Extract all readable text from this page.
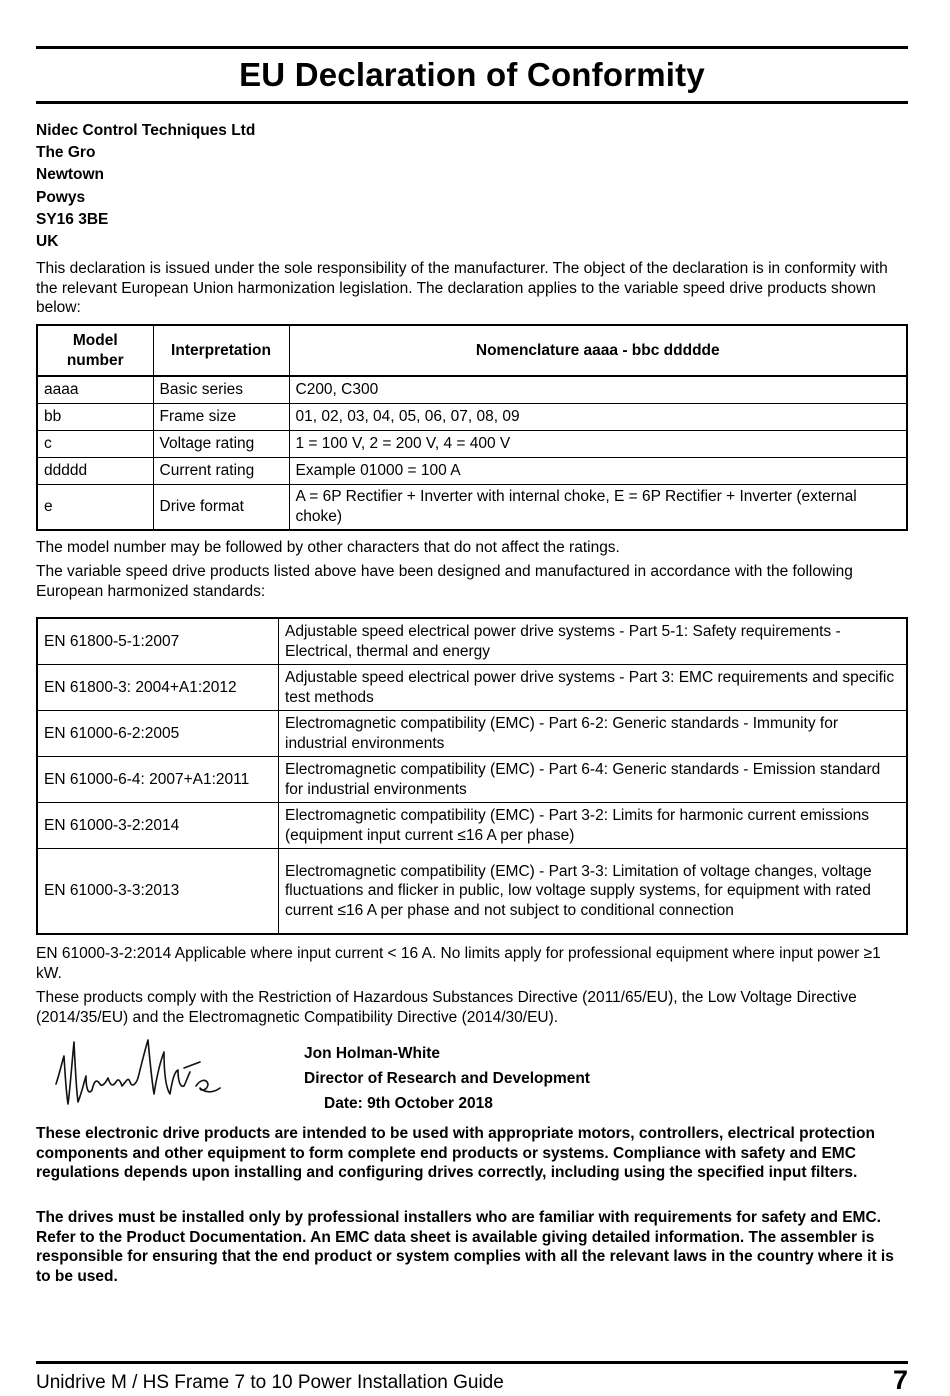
EU Declaration of Conformity
Nidec Control Techniques Ltd
The Gro
Newtown
Powys
SY16 3BE
UK
This declaration is issued under the sole responsibility of the manufacturer. The object of the declaration is in conformity with the relevant European Union harmonization legislation. The declaration applies to the variable speed drive products shown below:
Model number	Interpretation	Nomenclature aaaa - bbc ddddde
aaaa	Basic series	C200, C300
bb	Frame size	01, 02, 03, 04, 05, 06, 07, 08, 09
c	Voltage rating	1 = 100 V, 2 = 200 V, 4 = 400 V
ddddd	Current rating	Example 01000 = 100 A
e	Drive format	A = 6P Rectifier + Inverter with internal choke, E = 6P Rectifier + Inverter (external choke)
The model number may be followed by other characters that do not affect the ratings.
The variable speed drive products listed above have been designed and manufactured in accordance with the following European harmonized standards:
EN 61800-5-1:2007	Adjustable speed electrical power drive systems - Part 5-1: Safety requirements - Electrical, thermal and energy
EN 61800-3: 2004+A1:2012	Adjustable speed electrical power drive systems - Part 3: EMC requirements and specific test methods
EN 61000-6-2:2005	Electromagnetic compatibility (EMC) - Part 6-2: Generic standards - Immunity for industrial environments
EN 61000-6-4: 2007+A1:2011	Electromagnetic compatibility (EMC) - Part 6-4: Generic standards - Emission standard for industrial environments
EN 61000-3-2:2014	Electromagnetic compatibility (EMC) - Part 3-2: Limits for harmonic current emissions (equipment input current ≤16 A per phase)
EN 61000-3-3:2013	Electromagnetic compatibility (EMC) - Part 3-3: Limitation of voltage changes, voltage fluctuations and flicker in public, low voltage supply systems, for equipment with rated current ≤16 A per phase and not subject to conditional connection
EN 61000-3-2:2014 Applicable where input current < 16 A. No limits apply for professional equipment where input power ≥1 kW.
These products comply with the Restriction of Hazardous Substances Directive (2011/65/EU), the Low Voltage Directive (2014/35/EU) and the Electromagnetic Compatibility Directive (2014/30/EU).
Jon Holman-White
Director of Research and Development
Date: 9th October 2018
These electronic drive products are intended to be used with appropriate motors, controllers, electrical protection components and other equipment to form complete end products or systems. Compliance with safety and EMC regulations depends upon installing and configuring drives correctly, including using the specified input filters.
The drives must be installed only by professional installers who are familiar with requirements for safety and EMC. Refer to the Product Documentation. An EMC data sheet is available giving detailed information. The assembler is responsible for ensuring that the end product or system complies with all the relevant laws in the country where it is to be used.
Unidrive M / HS Frame 7 to 10 Power Installation Guide	7
